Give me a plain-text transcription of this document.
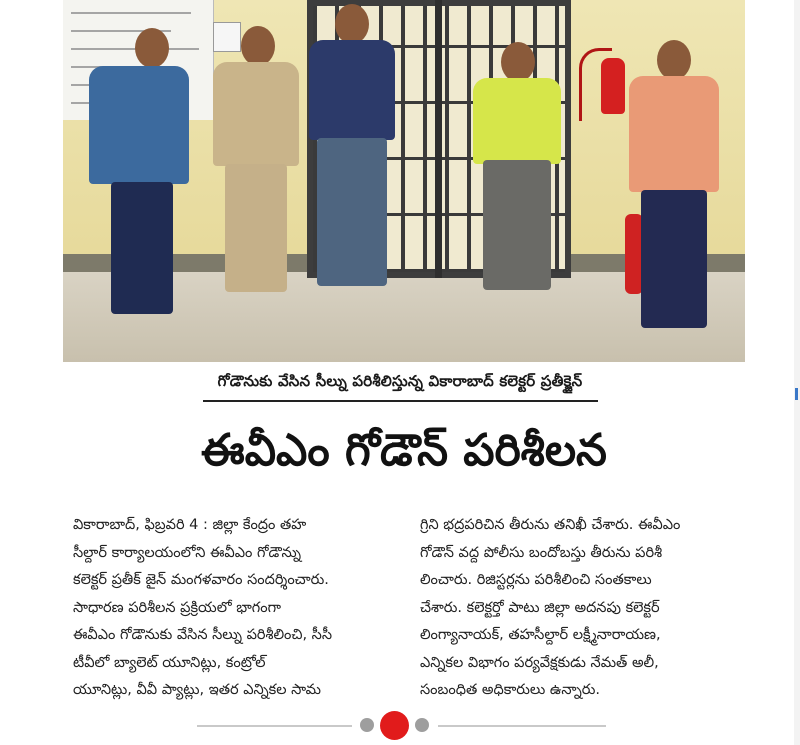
గోడౌనుకు వేసిన సీల్ను పరిశీలిస్తున్న వికారాబాద్ కలెక్టర్ ప్రతీక్జైన్
ఈవీఎం గోడౌన్ పరిశీలన

వికారాబాద్, ఫిబ్రవరి 4 : జిల్లా కేంద్రం తహ

సీల్దార్ కార్యాలయంలోని ఈవీఎం గోడౌన్ను

కలెక్టర్ ప్రతీక్ జైన్ మంగళవారం సందర్శించారు.

సాధారణ పరిశీలన ప్రక్రియలో భాగంగా

ఈవీఎం గోడౌనుకు వేసిన సీల్ను పరిశీలించి, సీసీ

టీవీలో బ్యాలెట్ యూనిట్లు, కంట్రోల్

యూనిట్లు, వీవీ ప్యాట్లు, ఇతర ఎన్నికల సామ

గ్రిని భద్రపరిచిన తీరును తనిఖీ చేశారు. ఈవీఎం

గోడౌన్ వద్ద పోలీసు బందోబస్తు తీరును పరిశీ

లించారు. రిజిస్టర్లను పరిశీలించి సంతకాలు

చేశారు. కలెక్టర్తో పాటు జిల్లా అదనపు కలెక్టర్

లింగ్యానాయక్, తహసీల్దార్ లక్ష్మీనారాయణ,

ఎన్నికల విభాగం పర్యవేక్షకుడు నేమత్ అలీ,

సంబంధిత అధికారులు ఉన్నారు.
